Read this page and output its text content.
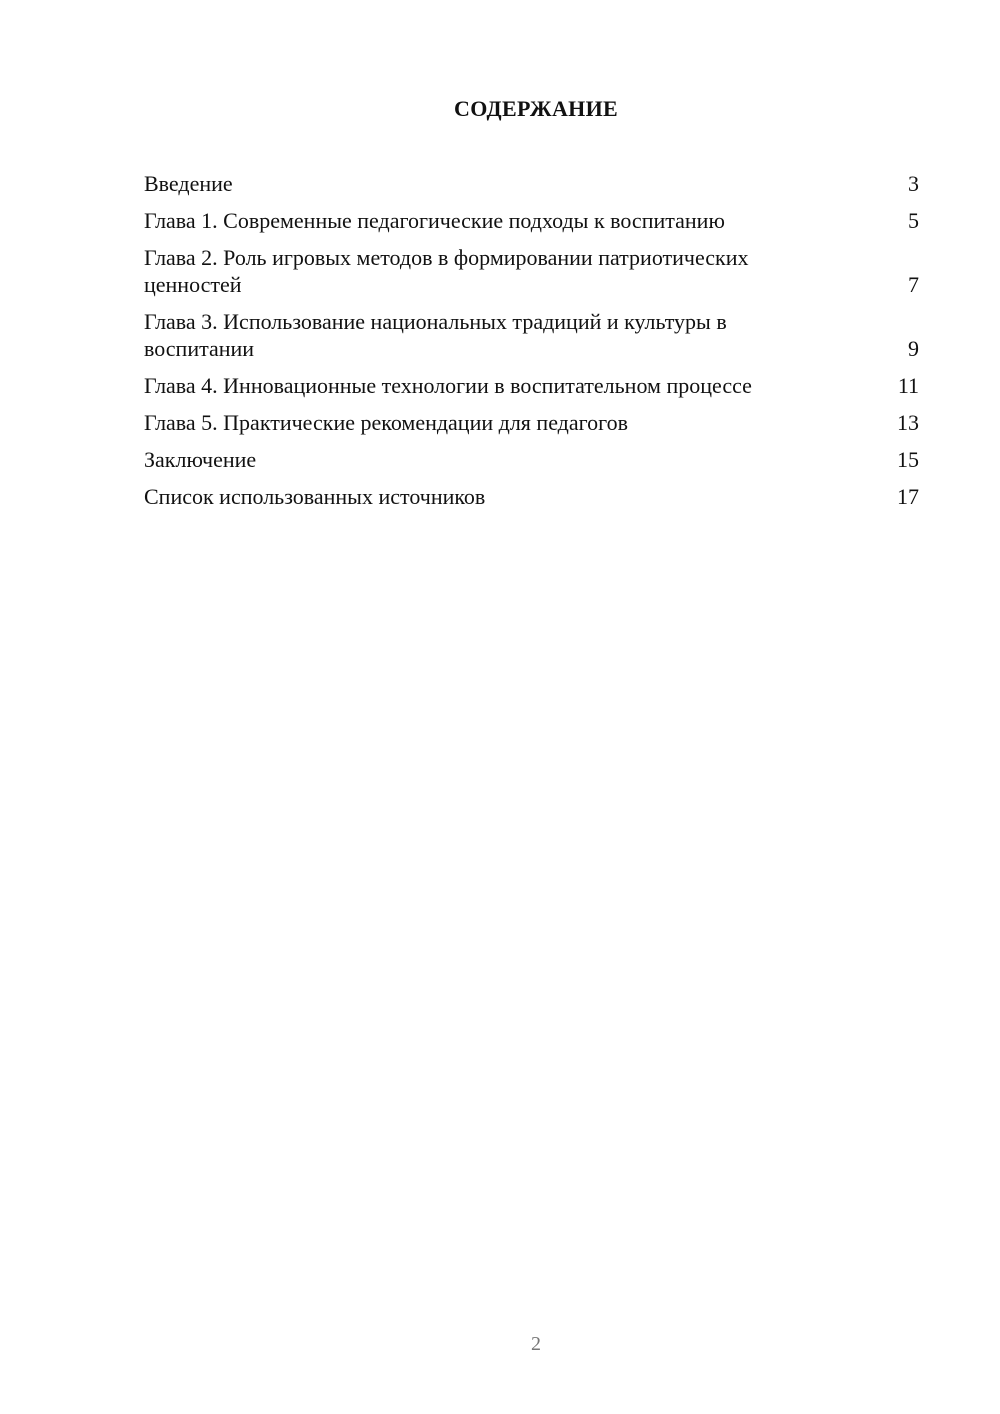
СОДЕРЖАНИЕ
Введение	3
Глава 1. Современные педагогические подходы к воспитанию	5
Глава 2. Роль игровых методов в формировании патриотических ценностей	7
Глава 3. Использование национальных традиций и культуры в воспитании	9
Глава 4. Инновационные технологии в воспитательном процессе	11
Глава 5. Практические рекомендации для педагогов	13
Заключение	15
Список использованных источников	17
2
